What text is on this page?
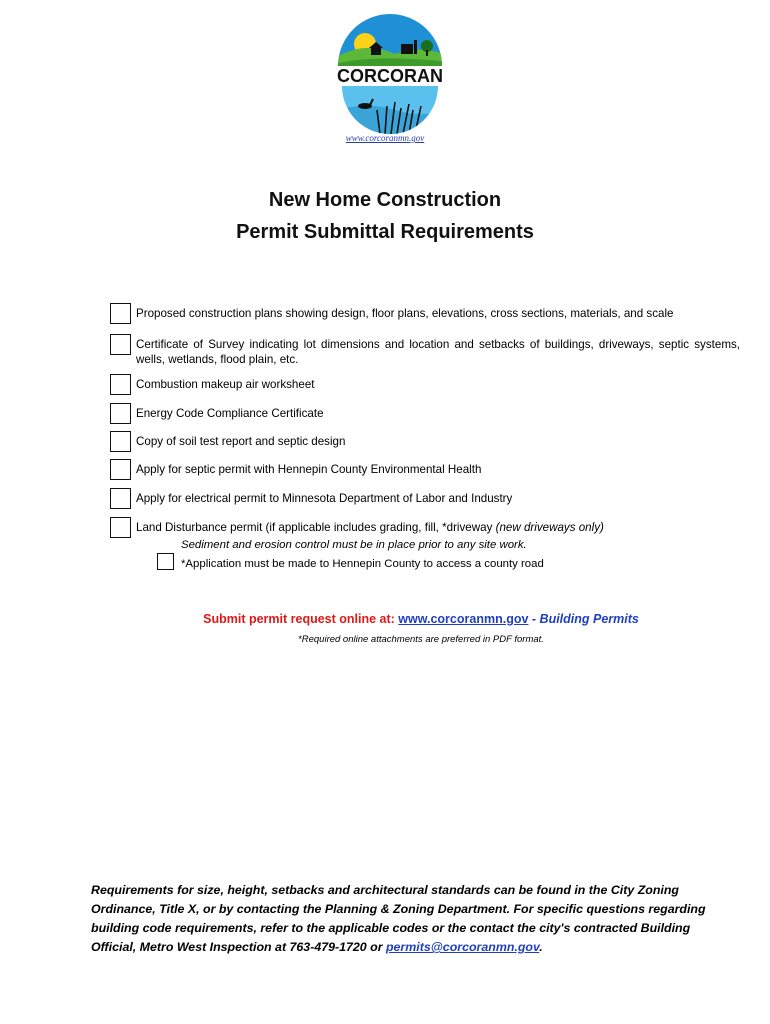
CORCORAN
www.corcoranmn.gov
New Home Construction
Permit Submittal Requirements
Proposed construction plans showing design, floor plans, elevations, cross sections, materials, and scale
Certificate of Survey indicating lot dimensions and location and setbacks of buildings, driveways, septic systems, wells, wetlands, flood plain, etc.
Combustion makeup air worksheet
Energy Code Compliance Certificate
Copy of soil test report and septic design
Apply for septic permit with Hennepin County Environmental Health
Apply for electrical permit to Minnesota Department of Labor and Industry
Land Disturbance permit (if applicable includes grading, fill, *driveway (new driveways only)
Sediment and erosion control must be in place prior to any site work.
*Application must be made to Hennepin County to access a county road
Submit permit request online at: www.corcoranmn.gov - Building Permits
*Required online attachments are preferred in PDF format.
Requirements for size, height, setbacks and architectural standards can be found in the City Zoning Ordinance, Title X, or by contacting the Planning & Zoning Department. For specific questions regarding building code requirements, refer to the applicable codes or the contact the city's contracted Building Official, Metro West Inspection at 763-479-1720 or permits@corcoranmn.gov.
